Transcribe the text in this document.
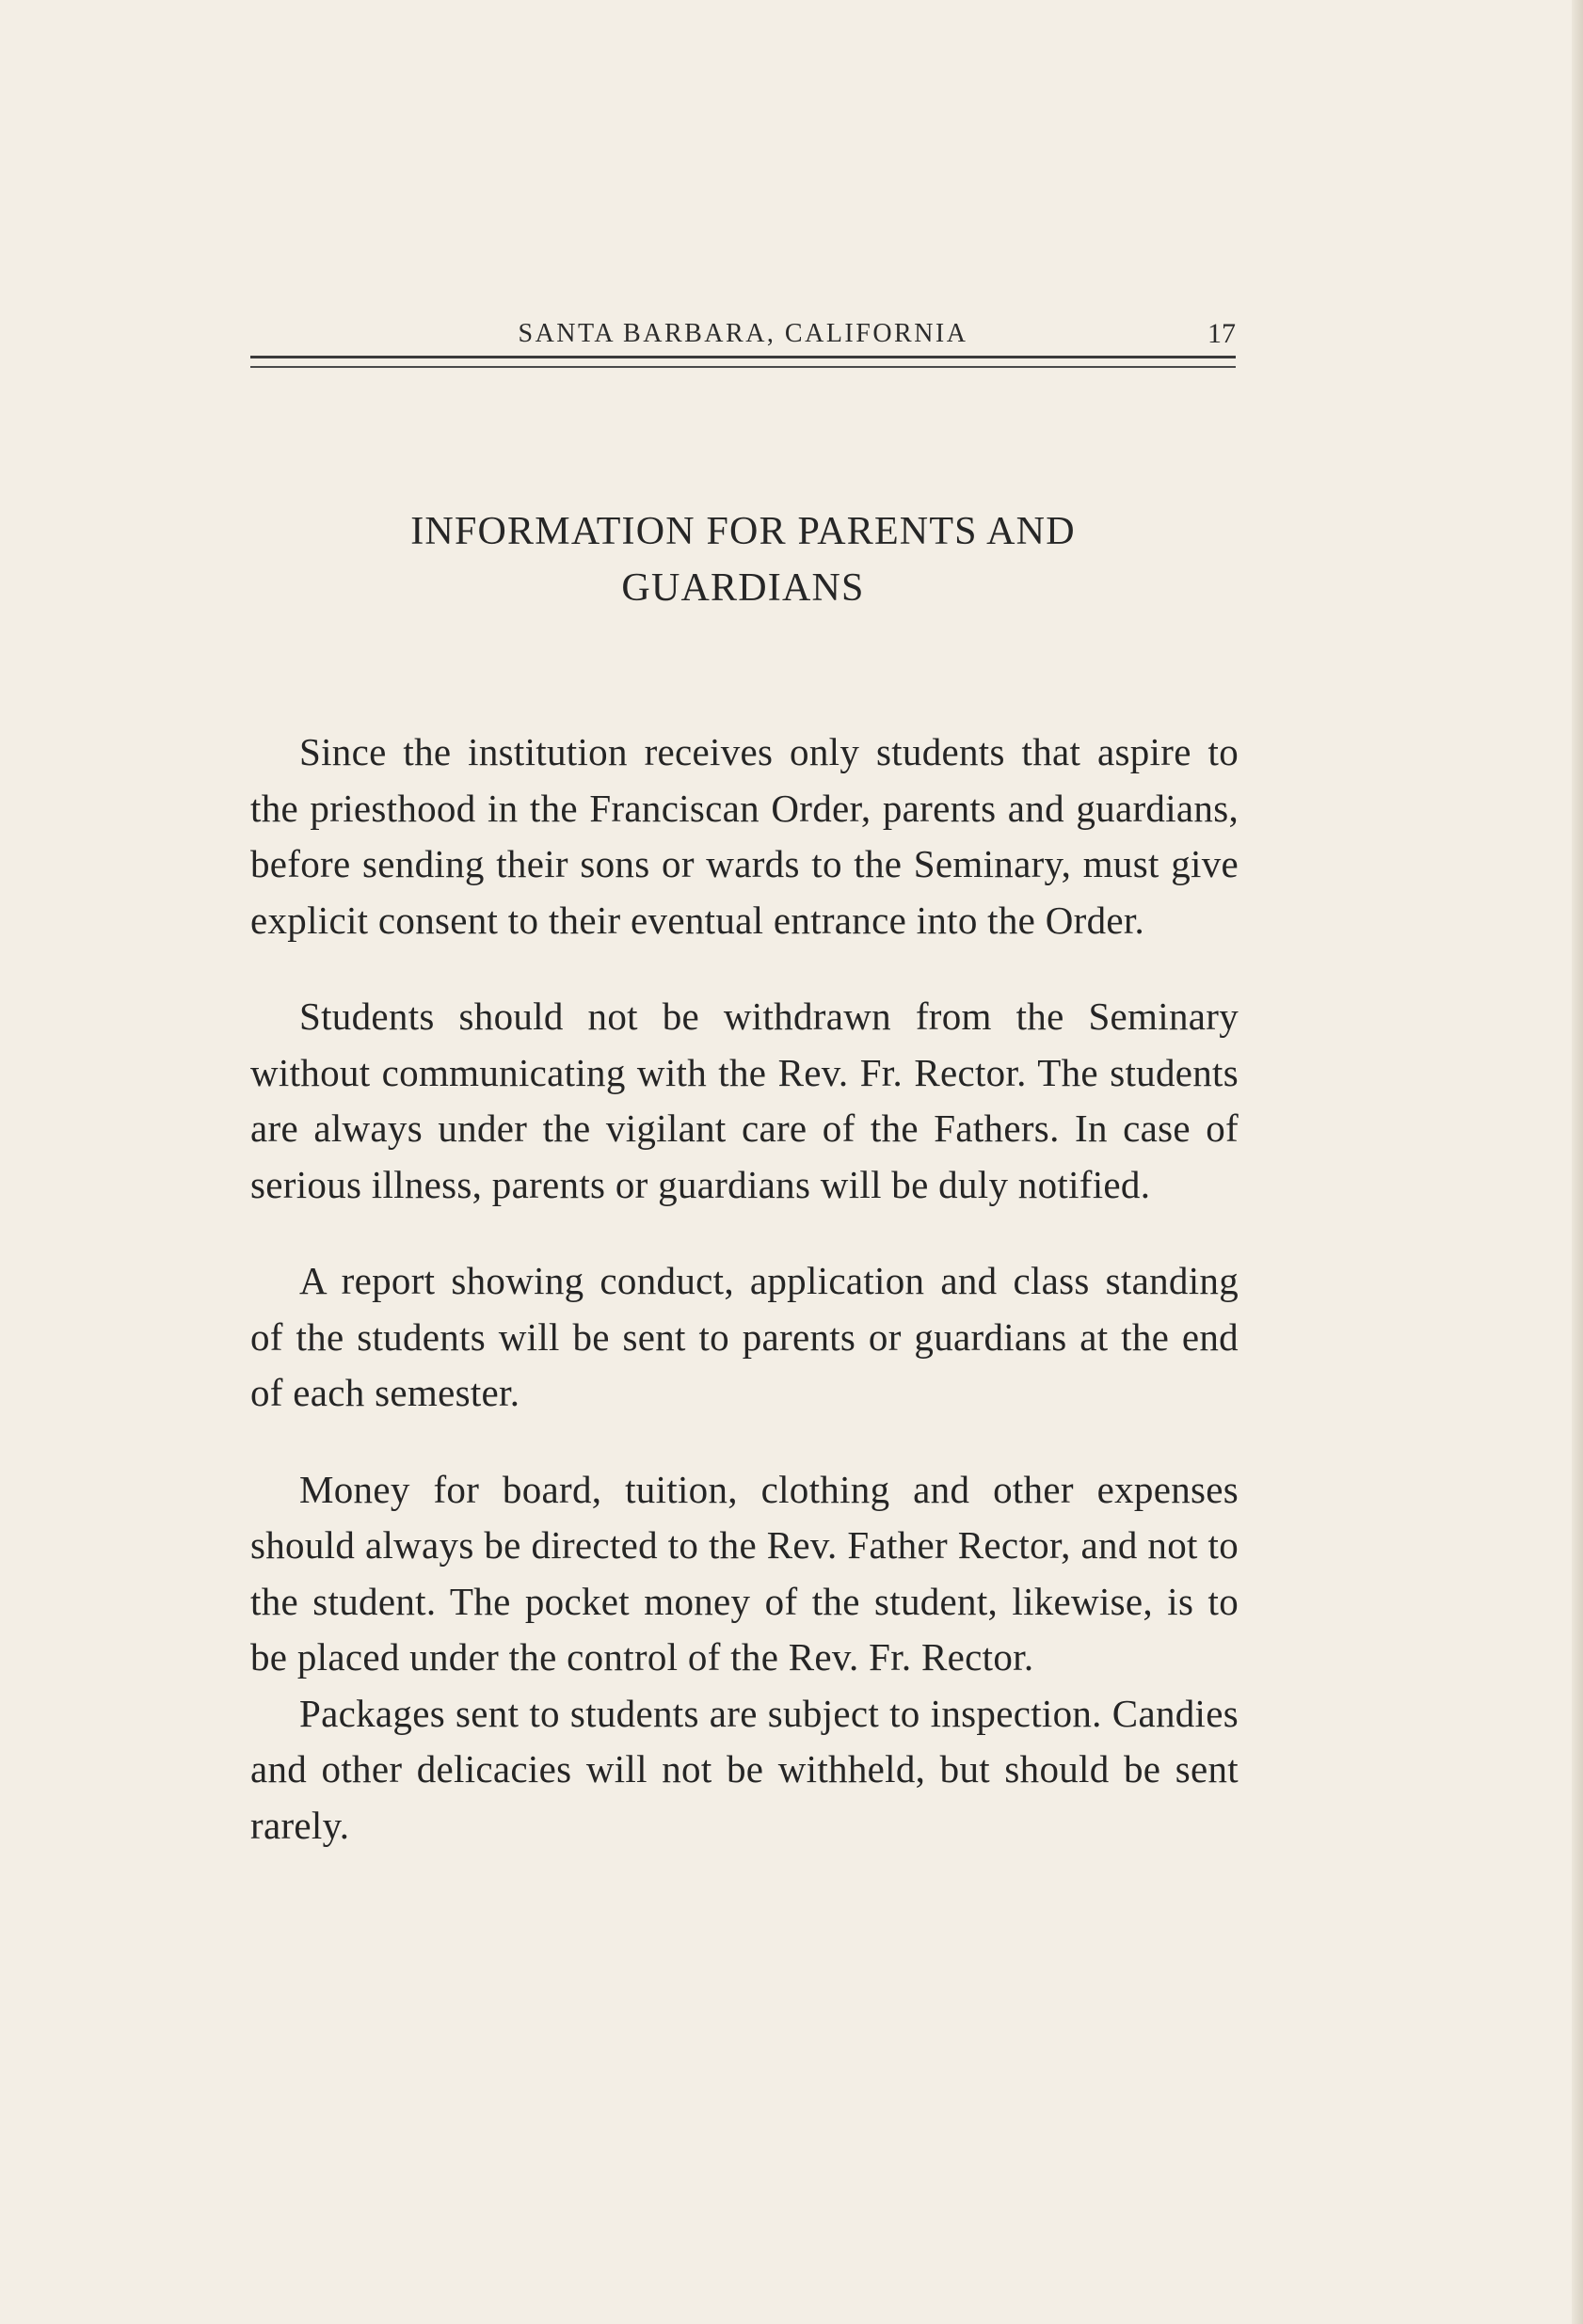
SANTA BARBARA, CALIFORNIA	17
INFORMATION FOR PARENTS AND
GUARDIANS

Since the institution receives only students that aspire to the priesthood in the Franciscan Order, parents and guardians, before sending their sons or wards to the Seminary, must give explicit consent to their eventual entrance into the Order.

Students should not be withdrawn from the Seminary without communicating with the Rev. Fr. Rector. The students are always under the vigilant care of the Fathers. In case of serious illness, parents or guardians will be duly notified.

A report showing conduct, application and class standing of the students will be sent to parents or guardians at the end of each semester.

Money for board, tuition, clothing and other expenses should always be directed to the Rev. Father Rector, and not to the student. The pocket money of the student, likewise, is to be placed under the control of the Rev. Fr. Rector.

Packages sent to students are subject to inspection. Candies and other delicacies will not be withheld, but should be sent rarely.
